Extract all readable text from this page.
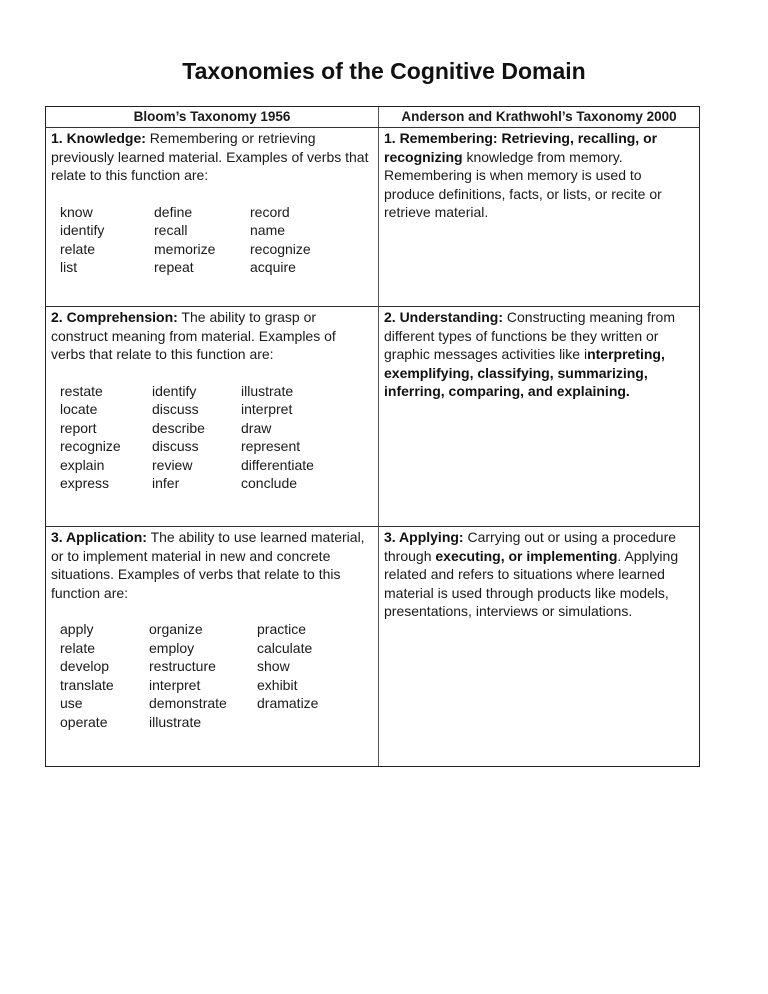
Taxonomies of the Cognitive Domain
Bloom’s Taxonomy 1956	Anderson and Krathwohl’s Taxonomy 2000
1. Knowledge: Remembering or retrieving previously learned material. Examples of verbs that relate to this function are:
know
identify
relate
list
define
recall
memorize
repeat
record
name
recognize
acquire
1. Remembering: Retrieving, recalling, or recognizing knowledge from memory. Remembering is when memory is used to produce definitions, facts, or lists, or recite or retrieve material.
2. Comprehension: The ability to grasp or construct meaning from material. Examples of verbs that relate to this function are:
restate
locate
report
recognize
explain
express
identify
discuss
describe
discuss
review
infer
illustrate
interpret
draw
represent
differentiate
conclude
2. Understanding: Constructing meaning from different types of functions be they written or graphic messages activities like interpreting, exemplifying, classifying, summarizing, inferring, comparing, and explaining.
3. Application: The ability to use learned material, or to implement material in new and concrete situations. Examples of verbs that relate to this function are:
apply
relate
develop
translate
use
operate
organize
employ
restructure
interpret
demonstrate
illustrate
practice
calculate
show
exhibit
dramatize
3. Applying: Carrying out or using a procedure through executing, or implementing. Applying related and refers to situations where learned material is used through products like models, presentations, interviews or simulations.
